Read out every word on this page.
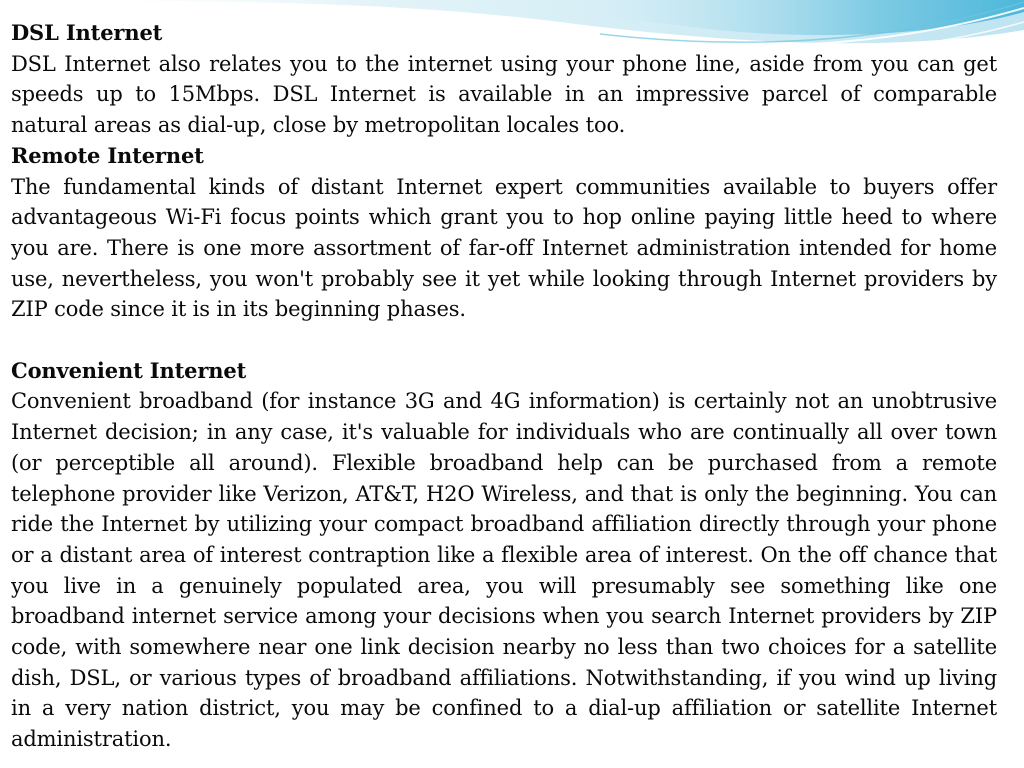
DSL Internet

DSL Internet also relates you to the internet using your phone line, aside from you can get speeds up to 15Mbps. DSL Internet is available in an impressive parcel of comparable natural areas as dial-up, close by metropolitan locales too.

Remote Internet

The fundamental kinds of distant Internet expert communities available to buyers offer advantageous Wi-Fi focus points which grant you to hop online paying little heed to where you are. There is one more assortment of far-off Internet administration intended for home use, nevertheless, you won't probably see it yet while looking through Internet providers by ZIP code since it is in its beginning phases.

Convenient Internet

Convenient broadband (for instance 3G and 4G information) is certainly not an unobtrusive Internet decision; in any case, it's valuable for individuals who are continually all over town (or perceptible all around). Flexible broadband help can be purchased from a remote telephone provider like Verizon, AT&T, H2O Wireless, and that is only the beginning. You can ride the Internet by utilizing your compact broadband affiliation directly through your phone or a distant area of interest contraption like a flexible area of interest. On the off chance that you live in a genuinely populated area, you will presumably see something like one broadband internet service among your decisions when you search Internet providers by ZIP code, with somewhere near one link decision nearby no less than two choices for a satellite dish, DSL, or various types of broadband affiliations. Notwithstanding, if you wind up living in a very nation district, you may be confined to a dial-up affiliation or satellite Internet administration.
